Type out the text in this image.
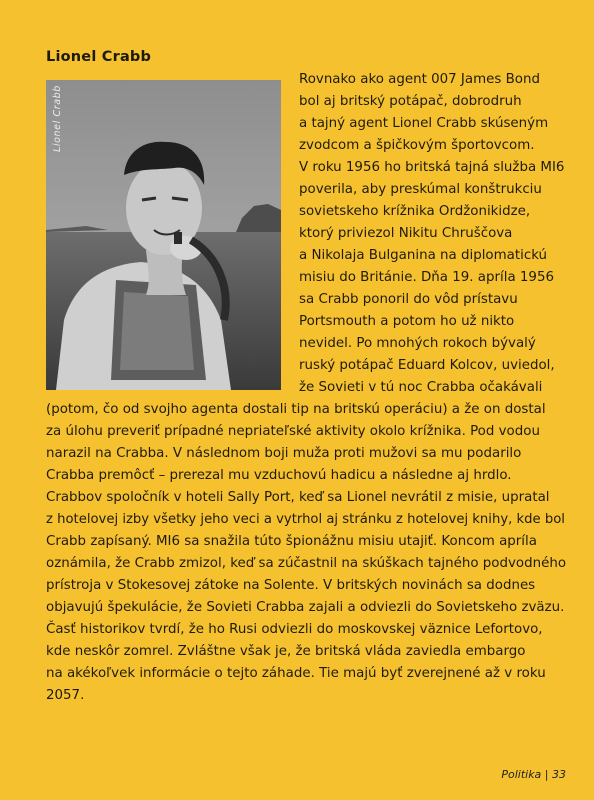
Lionel Crabb
Lionel Crabb
Rovnako ako agent 007 James Bond
bol aj britský potápač, dobrodruh
a tajný agent Lionel Crabb skúseným
zvodcom a špičkovým športovcom.
V roku 1956 ho britská tajná služba MI6
poverila, aby preskúmal konštrukciu
sovietskeho krížnika Ordžonikidze,
ktorý priviezol Nikitu Chruščova
a Nikolaja Bulganina na diplomatickú
misiu do Británie. Dňa 19. apríla 1956
sa Crabb ponoril do vôd prístavu
Portsmouth a potom ho už nikto
nevidel. Po mnohých rokoch bývalý
ruský potápač Eduard Kolcov, uviedol,
že Sovieti v tú noc Crabba očakávali
(potom, čo od svojho agenta dostali tip na britskú operáciu) a že on dostal
za úlohu preveriť prípadné nepriateľské aktivity okolo krížnika. Pod vodou
narazil na Crabba. V následnom boji muža proti mužovi sa mu podarilo
Crabba premôcť – prerezal mu vzduchovú hadicu a následne aj hrdlo.
Crabbov spoločník v hoteli Sally Port, keď sa Lionel nevrátil z misie, upratal
z hotelovej izby všetky jeho veci a vytrhol aj stránku z hotelovej knihy, kde bol
Crabb zapísaný. MI6 sa snažila túto špionážnu misiu utajiť. Koncom apríla
oznámila, že Crabb zmizol, keď sa zúčastnil na skúškach tajného podvodného
prístroja v Stokesovej zátoke na Solente. V britských novinách sa dodnes
objavujú špekulácie, že Sovieti Crabba zajali a odviezli do Sovietskeho zväzu.
Časť historikov tvrdí, že ho Rusi odviezli do moskovskej väznice Lefortovo,
kde neskôr zomrel. Zvláštne však je, že britská vláda zaviedla embargo
na akékoľvek informácie o tejto záhade. Tie majú byť zverejnené až v roku
2057.
Politika | 33
